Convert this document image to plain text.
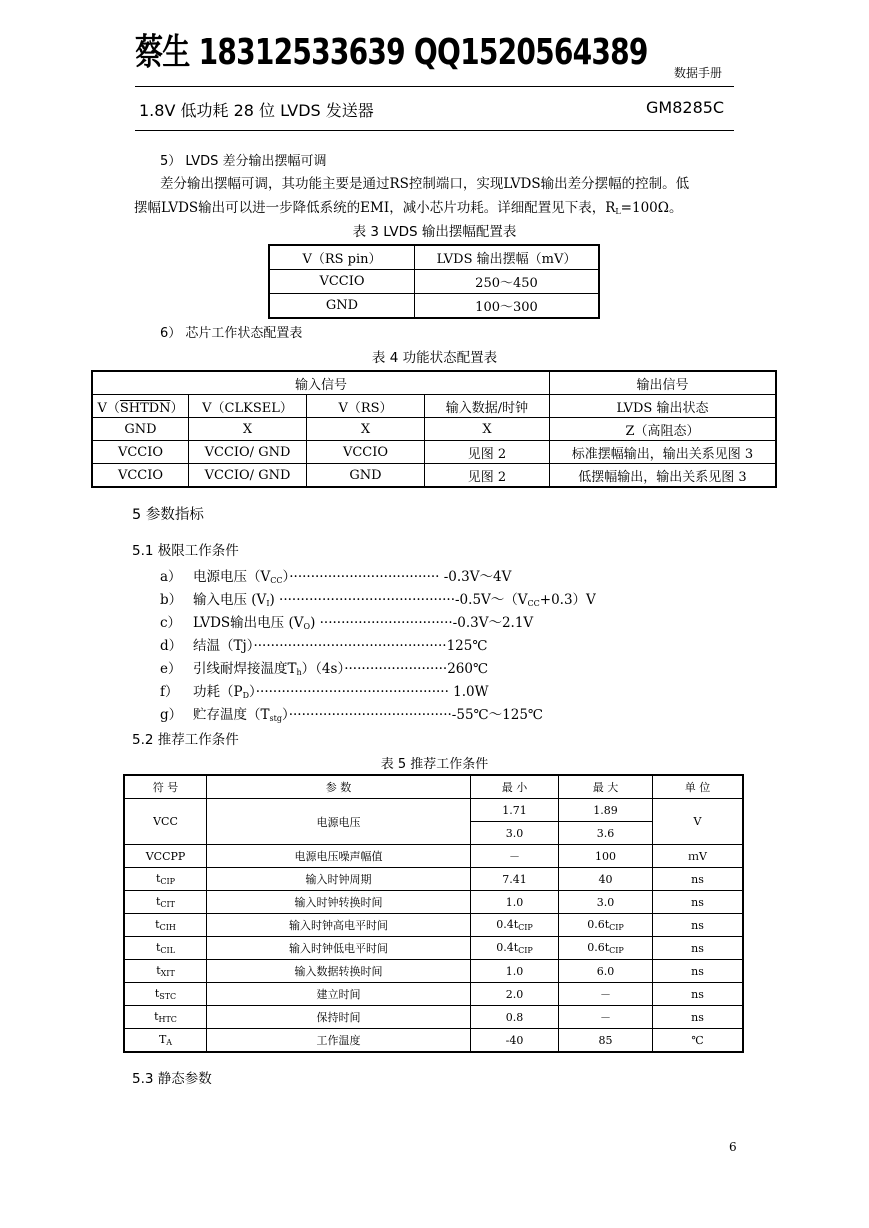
蔡生 18312533639 QQ1520564389 数据手册
1.8V 低功耗 28 位 LVDS 发送器	GM8285C
5） LVDS 差分输出摆幅可调
差分输出摆幅可调，其功能主要是通过RS控制端口，实现LVDS输出差分摆幅的控制。低
摆幅LVDS输出可以进一步降低系统的EMI，减小芯片功耗。详细配置见下表，$R_L=100\Omega$。
表 3 LVDS 输出摆幅配置表
V（RS pin）	LVDS 输出摆幅（mV）
VCCIO	250～450
GND	100～300
6） 芯片工作状态配置表
表 4 功能状态配置表
输入信号				输出信号
V（SHTDN）	V（CLKSEL）	V（RS）	输入数据/时钟	LVDS 输出状态
GND	X	X	X	Z（高阻态）
VCCIO	VCCIO/ GND	VCCIO	见图 2	标准摆幅输出，输出关系见图 3
VCCIO	VCCIO/ GND	GND	见图 2	低摆幅输出，输出关系见图 3
5 参数指标
5.1 极限工作条件
a） 电源电压$(V_{CC})\cdot\cdot\cdot\cdot\cdot\cdot\cdot\cdot\cdot\cdot\cdot\cdot\cdot\cdot\cdot\cdot\cdot\cdot\cdot\cdot\cdot\cdot\cdot\cdot\cdot\cdot\cdot\cdot\cdot\cdot\cdot\cdot\cdot\cdot\cdot$ -0.3V～4V
b） 输入电压 $(V_I)$ $\cdot\cdot\cdot\cdot\cdot\cdot\cdot\cdot\cdot\cdot\cdot\cdot\cdot\cdot\cdot\cdot\cdot\cdot\cdot\cdot\cdot\cdot\cdot\cdot\cdot\cdot\cdot\cdot\cdot\cdot\cdot\cdot\cdot\cdot\cdot\cdot\cdot\cdot\cdot\cdot\cdot-0.5V\sim(V_{CC}+0.3)V$
c） LVDS输出电压 $(V_O)$ ·······························-0.3V～2.1V
d） 结温（Tj）·············································125℃
e） 引线耐焊接温度$T_h)(4s)\cdot\cdot\cdot\cdot\cdot\cdot\cdot\cdot\cdot\cdot\cdot\cdot\cdot\cdot\cdot\cdot\cdot\cdot\cdot\cdot\cdot\cdot\cdot\cdot 260℃$
f） 功耗$(P_D)\cdot\cdot\cdot\cdot\cdot\cdot\cdot\cdot\cdot\cdot\cdot\cdot\cdot\cdot\cdot\cdot\cdot\cdot\cdot\cdot\cdot\cdot\cdot\cdot\cdot\cdot\cdot\cdot\cdot\cdot\cdot\cdot\cdot\cdot\cdot\cdot\cdot\cdot\cdot\cdot\cdot\cdot\cdot\cdot\cdot 1.0W$
g） 贮存温度$(T_{stg})\cdot\cdot\cdot\cdot\cdot\cdot\cdot\cdot\cdot\cdot\cdot\cdot\cdot\cdot\cdot\cdot\cdot\cdot\cdot\cdot\cdot\cdot\cdot\cdot\cdot\cdot\cdot\cdot\cdot\cdot\cdot\cdot\cdot\cdot\cdot\cdot\cdot\cdot-55℃\sim 125℃$
5.2 推荐工作条件
表 5 推荐工作条件
符 号	参 数	最 小	最 大	单 位
VCC	电源电压	1.71	1.89	V
		3.0	3.6	
VCCPP	电源电压噪声幅值	－	100	ｍV
$t_{CIP}$	输入时钟周期	7.41	40	ns
$t_{CIT}$	输入时钟转换时间	1.0	3.0	ns
$t_{CIH}$	输入时钟高电平时间	$0.4t_{CIP}$	$0.6t_{CIP}$	ns
$t_{CIL}$	输入时钟低电平时间	$0.4t_{CIP}$	$0.6t_{CIP}$	ns
$t_{XIT}$	输入数据转换时间	1.0	6.0	ns
$t_{STC}$	建立时间	2.0	－	ns
$t_{HTC}$	保持时间	0.8	－	ns
$T_A$	工作温度	-40	85	℃
5.3 静态参数
6
